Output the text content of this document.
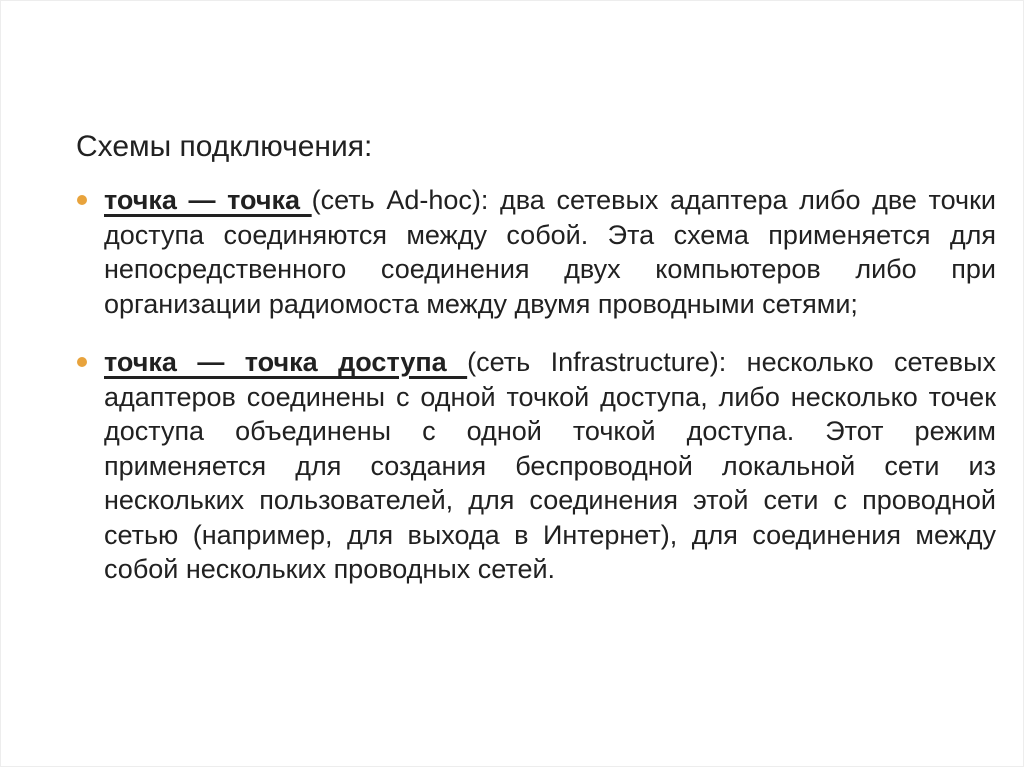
Схемы подключения:
точка — точка (сеть Ad-hoc): два сетевых адаптера либо две точки доступа соединяются между собой. Эта схема применяется для непосредственного соединения двух компьютеров либо при организации радиомоста между двумя проводными сетями;
точка — точка доступа (сеть Infrastructure): несколько сетевых адаптеров соединены с одной точкой доступа, либо несколько точек доступа объединены с одной точкой доступа. Этот режим применяется для создания беспроводной локальной сети из нескольких пользователей, для соединения этой сети с проводной сетью (например, для выхода в Интернет), для соединения между собой нескольких проводных сетей.
